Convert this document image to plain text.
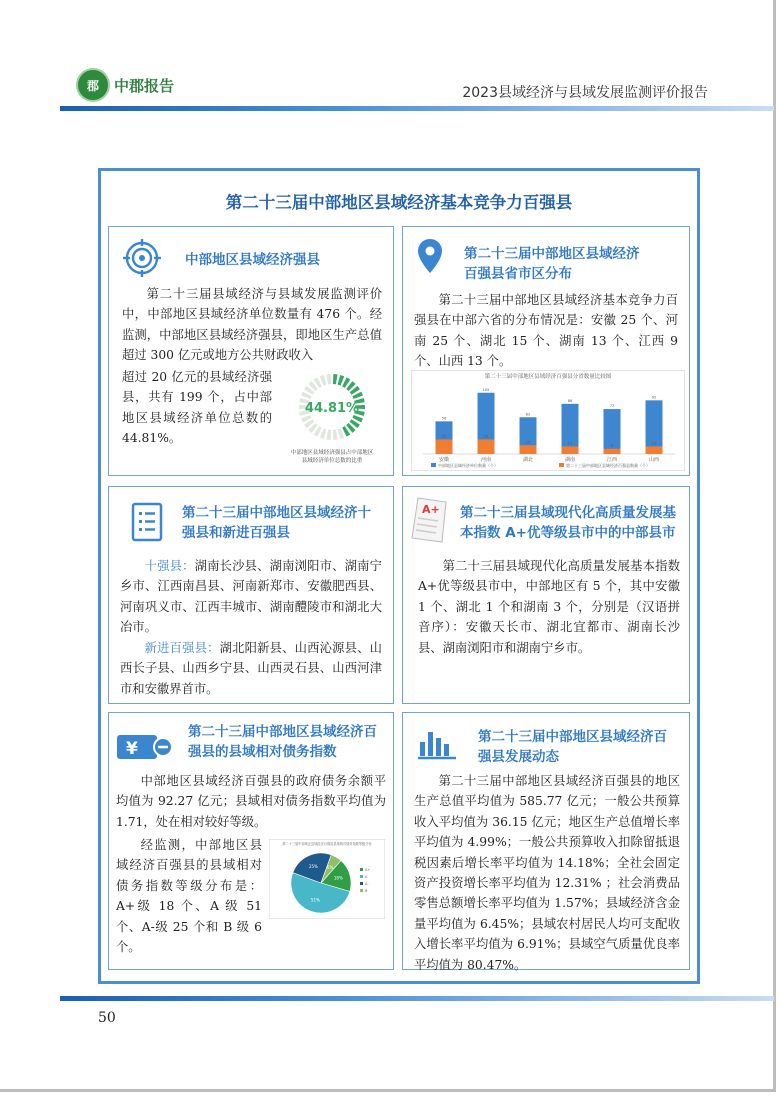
郡 中郡报告	2023县域经济与县域发展监测评价报告
第二十三届中部地区县域经济基本竞争力百强县
中部地区县域经济强县
第二十三届县域经济与县域发展监测评价中，中部地区县域经济单位数量有 476 个。经监测，中部地区县域经济强县，即地区生产总值超过 300 亿元或地方公共财政收入
超过 20 亿元的县域经济强县，共有 199 个，占中部地区县域经济单位总数的 44.81%。
44.81%
中部地区县域经济强县占中部地区
县域经济单位总数的比重
第二十三届中部地区县域经济
百强县省市区分布
第二十三届中部地区县域经济基本竞争力百强县在中部六省的分布情况是：安徽 25 个、河南 25 个、湖北 15 个、湖南 13 个、江西 9 个、山西 13 个。
第二十三届中部地区县域经济百强县分省数量比较图
56
25
安徽
105
25
河南
63
15
湖北
86
13
湖南
77
9
江西
92
13
山西
中部地区县域经济单位数量（个）	第二十三届中部地区县域经济百强县数量（个）
第二十三届中部地区县域经济十
强县和新进百强县
十强县：湖南长沙县、湖南浏阳市、湖南宁乡市、江西南昌县、河南新郑市、安徽肥西县、河南巩义市、江西丰城市、湖南醴陵市和湖北大冶市。
新进百强县：湖北阳新县、山西沁源县、山西长子县、山西乡宁县、山西灵石县、山西河津市和安徽界首市。
A+ 第二十三届县域现代化高质量发展基
本指数 A+优等级县市中的中部县市
第二十三届县域现代化高质量发展基本指数 A+优等级县市中，中部地区有 5 个，其中安徽 1 个、湖北 1 个和湖南 3 个，分别是（汉语拼音序）：安徽天长市、湖北宜都市、湖南长沙县、湖南浏阳市和湖南宁乡市。
¥
第二十三届中部地区县域经济百
强县的县域相对债务指数
中部地区县域经济百强县的政府债务余额平均值为 92.27 亿元；县域相对债务指数平均值为 1.71，处在相对较好等级。
经监测，中部地区县域经济百强县的县域相对债务指数等级分布是：A+级 18 个、A 级 51 个、A-级 25 个和 B 级 6 个。
第二十三届中部地区县域经济百强县县域相对债务指数等级分布
18%
51%
25% 6%	A+
A
A-
B
第二十三届中部地区县域经济百
强县发展动态
第二十三届中部地区县域经济百强县的地区生产总值平均值为 585.77 亿元；一般公共预算收入平均值为 36.15 亿元；地区生产总值增长率平均值为 4.99%；一般公共预算收入扣除留抵退税因素后增长率平均值为 14.18%；全社会固定资产投资增长率平均值为 12.31% ；社会消费品零售总额增长率平均值为 1.57%；县域经济含金量平均值为 6.45%；县域农村居民人均可支配收入增长率平均值为 6.91%；县域空气质量优良率平均值为 80.47%。
50
